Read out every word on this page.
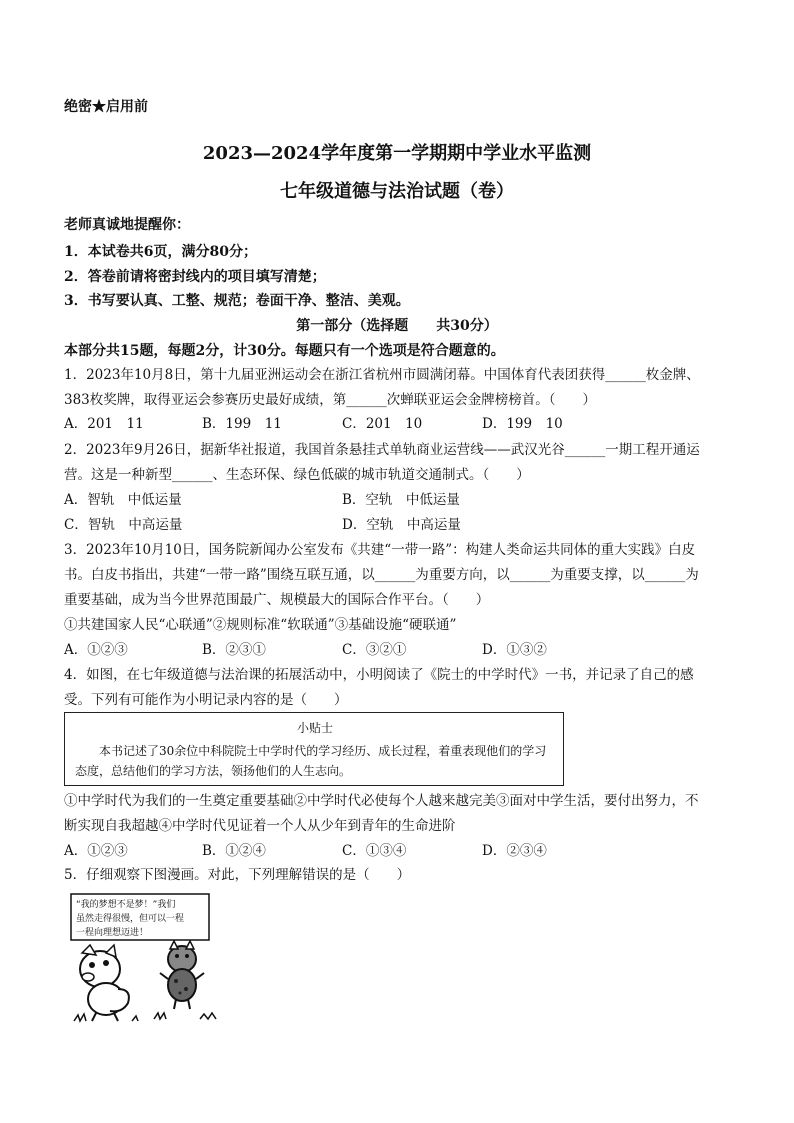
绝密★启用前
2023—2024学年度第一学期期中学业水平监测
七年级道德与法治试题（卷）
老师真诚地提醒你：
1．本试卷共6页，满分80分；
2．答卷前请将密封线内的项目填写清楚；
3．书写要认真、工整、规范；卷面干净、整洁、美观。
第一部分（选择题　　共30分）
本部分共15题，每题2分，计30分。每题只有一个选项是符合题意的。
1．2023年10月8日，第十九届亚洲运动会在浙江省杭州市圆满闭幕。中国体育代表团获得______枚金牌、
383枚奖牌，取得亚运会参赛历史最好成绩，第______次蝉联亚运会金牌榜榜首。（　　）
A．201　11	B．199　11	C．201　10	D．199　10
2．2023年9月26日，据新华社报道，我国首条悬挂式单轨商业运营线——武汉光谷______一期工程开通运
营。这是一种新型______、生态环保、绿色低碳的城市轨道交通制式。（　　）
A．智轨　中低运量	B．空轨　中低运量
C．智轨　中高运量	D．空轨　中高运量
3．2023年10月10日，国务院新闻办公室发布《共建“一带一路”：构建人类命运共同体的重大实践》白皮
书。白皮书指出，共建“一带一路”围绕互联互通，以______为重要方向，以______为重要支撑，以______为
重要基础，成为当今世界范围最广、规模最大的国际合作平台。（　　）
①共建国家人民“心联通”②规则标准“软联通”③基础设施“硬联通”
A．①②③	B．②③①	C．③②①	D．①③②
4．如图，在七年级道德与法治课的拓展活动中，小明阅读了《院士的中学时代》一书，并记录了自己的感
受。下列有可能作为小明记录内容的是（　　）
小贴士
本书记述了30余位中科院院士中学时代的学习经历、成长过程，着重表现他们的学习态度，总结他们的学习方法，领扬他们的人生志向。
①中学时代为我们的一生奠定重要基础②中学时代必使每个人越来越完美③面对中学生活，要付出努力，不
断实现自我超越④中学时代见证着一个人从少年到青年的生命进阶
A．①②③	B．①②④	C．①③④	D．②③④
5．仔细观察下图漫画。对此，下列理解错误的是（　　）
“我的梦想不是梦！”我们
虽然走得很慢，但可以一程
一程向理想迈进！
